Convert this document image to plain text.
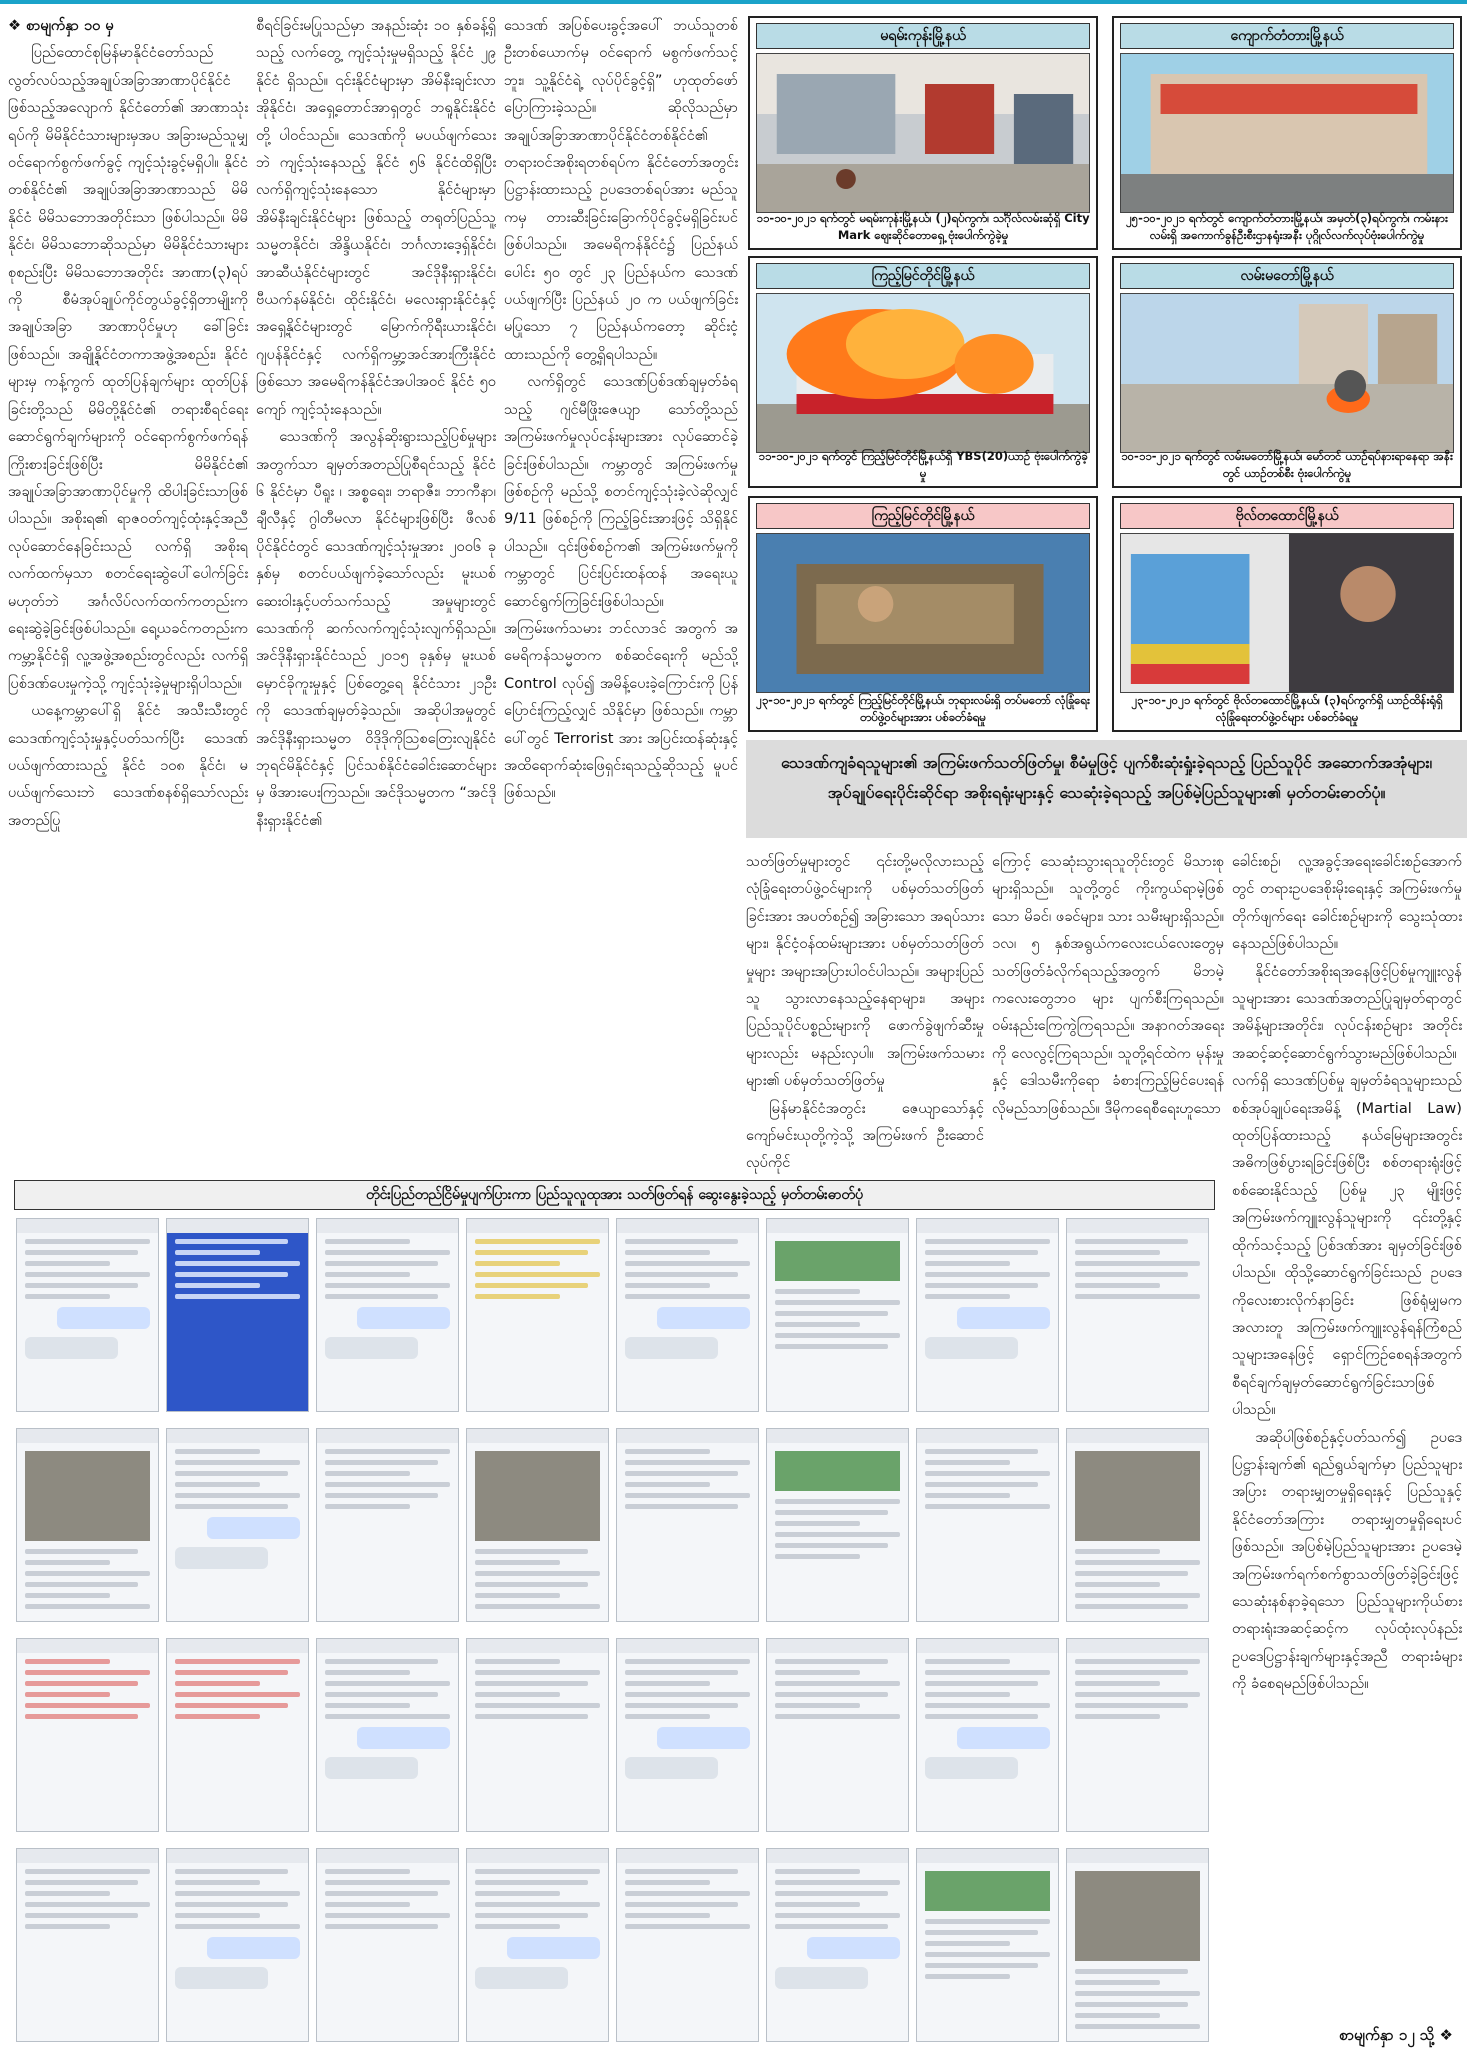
❖ စာမျက်နှာ ၁၀ မှ

ပြည်ထောင်စုမြန်မာနိုင်ငံတော်သည် လွတ်လပ်သည့်အချုပ်အခြာအာဏာပိုင်နိုင်ငံ ဖြစ်သည့်အလျောက် နိုင်ငံတော်၏ အာဏာသုံးရပ်ကို မိမိနိုင်ငံသားများမှအပ အခြားမည်သူမျှ ဝင်ရောက်စွက်ဖက်ခွင့် ကျင့်သုံးခွင့်မရှိပါ။ နိုင်ငံတစ်နိုင်ငံ၏ အချုပ်အခြာအာဏာသည် မိမိနိုင်ငံ မိမိသဘောအတိုင်းသာ ဖြစ်ပါသည်။ မိမိနိုင်ငံ၊ မိမိသဘောဆိုသည်မှာ မိမိနိုင်ငံသားများ စုစည်းပြီး မိမိသဘောအတိုင်း အာဏာ(၃)ရပ်ကို စီမံအုပ်ချုပ်ကိုင်တွယ်ခွင့်ရှိတာမျိုးကို အချုပ်အခြာ အာဏာပိုင်မှုဟု ခေါ်ခြင်းဖြစ်သည်။ အချို့နိုင်ငံတကာအဖွဲ့အစည်း၊ နိုင်ငံများမှ ကန့်ကွက် ထုတ်ပြန်ချက်များ ထုတ်ပြန်ခြင်းတို့သည် မိမိတို့နိုင်ငံ၏ တရားစီရင်ရေးဆောင်ရွက်ချက်များကို ဝင်ရောက်စွက်ဖက်ရန် ကြိုးစားခြင်းဖြစ်ပြီး မိမိနိုင်ငံ၏ အချုပ်အခြာအာဏာပိုင်မှုကို ထိပါးခြင်းသာဖြစ်ပါသည်။ အစိုးရ၏ ရာဇဝတ်ကျင့်ထုံးနှင့်အညီ လုပ်ဆောင်နေခြင်းသည် လက်ရှိ အစိုးရလက်ထက်မှသာ စတင်ရေးဆွဲပေါ်ပေါက်ခြင်းမဟုတ်ဘဲ အင်္ဂလိပ်လက်ထက်ကတည်းက ရေးဆွဲခဲ့ခြင်းဖြစ်ပါသည်။ ရေ့ယခင်ကတည်းက ကမ္ဘာ့နိုင်ငံရှိ လူ့အဖွဲ့အစည်းတွင်လည်း လက်ရှိ ပြစ်ဒဏ်ပေးမှုကဲ့သို့ ကျင့်သုံးခဲ့မှုများရှိပါသည်။

ယနေ့ကမ္ဘာပေါ်ရှိ နိုင်ငံ အသီးသီးတွင် သေဒဏ်ကျင့်သုံးမှုနှင့်ပတ်သက်ပြီး သေဒဏ်ပယ်ဖျက်ထားသည့် နိုင်ငံ ၁၀၈ နိုင်ငံ၊ မပယ်ဖျက်သေးဘဲ သေဒဏ်စနစ်ရှိသော်လည်း အတည်ပြု

စီရင်ခြင်းမပြုသည်မှာ အနည်းဆုံး ၁၀ နှစ်ခန့်ရှိသည့် လက်တွေ့ ကျင့်သုံးမှုမရှိသည့် နိုင်ငံ ၂၉ နိုင်ငံ ရှိသည်။ ၎င်းနိုင်ငံများမှာ အိမ်နီးချင်းလာအိုနိုင်ငံ၊ အရှေ့တောင်အာရှတွင် ဘရူနိုင်းနိုင်ငံတို့ ပါဝင်သည်။ သေဒဏ်ကို မပယ်ဖျက်သေးဘဲ ကျင့်သုံးနေသည့် နိုင်ငံ ၅၆ နိုင်ငံထိရှိပြီး လက်ရှိကျင့်သုံးနေသော နိုင်ငံများမှာ အိမ်နီးချင်းနိုင်ငံများ ဖြစ်သည့် တရုတ်ပြည်သူ့သမ္မတနိုင်ငံ၊ အိန္ဒိယနိုင်ငံ၊ ဘင်္ဂလားဒေ့ရှ်နိုင်ငံ၊ အာဆီယံနိုင်ငံများတွင် အင်ဒိုနီးရှားနိုင်ငံ၊ ဗီယက်နမ်နိုင်ငံ၊ ထိုင်းနိုင်ငံ၊ မလေးရှားနိုင်ငံနှင့်အရှေ့နိုင်ငံများတွင် မြောက်ကိုရီးယားနိုင်ငံ၊ ဂျပန်နိုင်ငံနှင့် လက်ရှိကမ္ဘာ့အင်အားကြီးနိုင်ငံဖြစ်သော အမေရိကန်နိုင်ငံအပါအဝင် နိုင်ငံ ၅၀ ကျော် ကျင့်သုံးနေသည်။

သေဒဏ်ကို အလွန်ဆိုးရွားသည့်ပြစ်မှုများအတွက်သာ ချမှတ်အတည်ပြုစီရင်သည့် နိုင်ငံ ၆ နိုင်ငံမှာ ပီရူး ၊ အစ္စရေး၊ ဘရာဇီး၊ ဘာကီနာ၊ ချီလီနှင့် ဂွါတီမလာ နိုင်ငံများဖြစ်ပြီး ဖီလစ်ပိုင်နိုင်ငံတွင် သေဒဏ်ကျင့်သုံးမှုအား ၂၀၀၆ ခုနှစ်မှ စတင်ပယ်ဖျက်ခဲ့သော်လည်း မူးယစ်ဆေးဝါးနှင့်ပတ်သက်သည့် အမှုများတွင် သေဒဏ်ကို ဆက်လက်ကျင့်သုံးလျက်ရှိသည်။ အင်ဒိုနီးရှားနိုင်ငံသည် ၂၀၁၅ ခုနှစ်မှ မူးယစ်မှောင်ခိုကူးမှုနှင့် ပြစ်တွေ့ရေ နိုင်ငံသား ၂၁ဦးကို သေဒဏ်ချမှတ်ခဲ့သည်။ အဆိုပါအမှုတွင် အင်ဒိုနီးရှားသမ္မတ ဝိဒိုဒိုကိုသြစတြေးလျနိုင်ငံဘုရင်မိနိုင်ငံနှင့် ပြင်သစ်နိုင်ငံခေါင်းဆောင်များမှ ဖိအားပေးကြသည်။ အင်ဒိုသမ္မတက “အင်ဒိုနီးရှားနိုင်ငံ၏

သေဒဏ် အပြစ်ပေးခွင့်အပေါ် ဘယ်သူတစ်ဦးတစ်ယောက်မှ ဝင်ရောက် မစွက်ဖက်သင့်ဘူး၊ သူ့နိုင်ငံရဲ့ လုပ်ပိုင်ခွင့်ရှိ” ဟုထုတ်ဖော်ပြောကြားခဲ့သည်။ ဆိုလိုသည်မှာ အချုပ်အခြာအာဏာပိုင်နိုင်ငံတစ်နိုင်ငံ၏ တရားဝင်အစိုးရတစ်ရပ်က နိုင်ငံတော်အတွင်း ပြဋ္ဌာန်းထားသည့် ဥပဒေတစ်ရပ်အား မည်သူကမှ တားဆီးခြင်းခြောက်ပိုင်ခွင့်မရှိခြင်းပင် ဖြစ်ပါသည်။ အမေရိကန်နိုင်ငံ၌ ပြည်နယ်ပေါင်း ၅၀ တွင် ၂၃ ပြည်နယ်က သေဒဏ်ပယ်ဖျက်ပြီး ပြည်နယ် ၂၀ က ပယ်ဖျက်ခြင်းမပြုသော ၇ ပြည်နယ်ကတော့ ဆိုင်းငံ့ထားသည်ကို တွေ့ရှိရပါသည်။

လက်ရှိတွင် သေဒဏ်ပြစ်ဒဏ်ချမှတ်ခံရသည့် ဂျင်မီဖြိုးဇေယျာ သော်တို့သည် အကြမ်းဖက်မှုလုပ်ငန်းများအား လုပ်ဆောင်ခဲ့ခြင်းဖြစ်ပါသည်။ ကမ္ဘာတွင် အကြမ်းဖက်မှုဖြစ်စဉ်ကို မည်သို့ စတင်ကျင့်သုံးခဲ့လဲဆိုလျှင် 9/11 ဖြစ်စဉ်ကို ကြည့်ခြင်းအားဖြင့် သိရှိနိုင်ပါသည်။ ၎င်းဖြစ်စဉ်က၏ အကြမ်းဖက်မှုကို ကမ္ဘာတွင် ပြင်းပြင်းထန်ထန် အရေးယူဆောင်ရွက်ကြခြင်းဖြစ်ပါသည်။ အကြမ်းဖက်သမား ဘင်လာဒင် အတွက် အမေရိကန်သမ္မတက စစ်ဆင်ရေးကို မည်သို့ Control လုပ်၍ အမိန့်ပေးခဲ့ကြောင်းကို ပြန်ပြောင်းကြည့်လျှင် သိနိုင်မှာ ဖြစ်သည်။ ကမ္ဘာပေါ်တွင် Terrorist အား အပြင်းထန်ဆုံးနှင့် အထိရောက်ဆုံးဖြေရှင်းရသည့်ဆိုသည့် မူပင်ဖြစ်သည်။

မရမ်းကုန်းမြို့နယ်
၁၁-၁၀-၂၀၂၁ ရက်တွင် မရမ်းကုန်းမြို့နယ်၊ (၂)ရပ်ကွက်၊ သင်္ဂိုလ်လမ်းဆုံရှိ City Mark ဈေးဆိုင်တောရှေ့ ဗုံးပေါက်ကွဲခဲ့မှု
ကျောက်တံတားမြို့နယ်
၂၅-၁၀-၂၀၂၁ ရက်တွင် ကျောက်တံတားမြို့နယ်၊ အမှတ်(၃)ရပ်ကွက်၊ ကမ်းနားလမ်းရှိ အကောက်ခွန်ဦးစီးဌာနရုံးအနီး ပုဂ္ဂိုလ်လက်လုပ်ဗုံးပေါက်ကွဲမှု
ကြည့်မြင်တိုင်မြို့နယ်
၁၁-၁၀-၂၀၂၁ ရက်တွင် ကြည့်မြင်တိုင်မြို့နယ်ရှိ YBS(20)ယာဉ် ဗုံးပေါက်ကွဲခဲ့မှု
လမ်းမတော်မြို့နယ်
၁၀-၁၁-၂၀၂၁ ရက်တွင် လမ်းမတော်မြို့နယ်၊ မော်တင် ယာဉ်ရပ်နားရာနေရာ အနီးတွင် ယာဉ်တစ်စီး ဗုံးပေါက်ကွဲမှု
ကြည့်မြင်တိုင်မြို့နယ်
၂၃-၁၀-၂၀၂၁ ရက်တွင် ကြည့်မြင်တိုင်မြို့နယ်၊ ဘုရားလမ်းရှိ တပ်မတော် လုံခြုံရေးတပ်ဖွဲ့ဝင်များအား ပစ်ခတ်ခံရမှု
ဗိုလ်တထောင်မြို့နယ်
၂၃-၁၀-၂၀၂၁ ရက်တွင် ဗိုလ်တထောင်မြို့နယ်၊ (၃)ရပ်ကွက်ရှိ ယာဉ်ထိန်းရုံရှိ လုံခြုံရေးတပ်ဖွဲ့ဝင်များ ပစ်ခတ်ခံရမှု
သေဒဏ်ကျခံရသူများ၏ အကြမ်းဖက်သတ်ဖြတ်မှု၊ စီမံမှုဖြင့် ပျက်စီးဆုံးရှုံးခဲ့ရသည့် ပြည်သူပိုင် အဆောက်အအုံများ၊ အုပ်ချုပ်ရေးပိုင်းဆိုင်ရာ အစိုးရရုံးများနှင့် သေဆုံးခဲ့ရသည့် အပြစ်မဲ့ပြည်သူများ၏ မှတ်တမ်းဓာတ်ပုံ။

သတ်ဖြတ်မှုများတွင် ၎င်းတို့မလိုလားသည့် လုံခြုံရေးတပ်ဖွဲ့ဝင်များကို ပစ်မှတ်သတ်ဖြတ်ခြင်းအား အပတ်စဉ်၍ အခြားသော အရပ်သားများ၊ နိုင်ငံ့ဝန်ထမ်းများအား ပစ်မှတ်သတ်ဖြတ်မှုများ အများအပြားပါဝင်ပါသည်။ အများပြည်သူ သွားလာနေသည့်နေရာများ၊ အများပြည်သူပိုင်ပစ္စည်းများကို ဖောက်ခွဲဖျက်ဆီးမှုများလည်း မနည်းလှပါ။ အကြမ်းဖက်သမားများ၏ ပစ်မှတ်သတ်ဖြတ်မှု

မြန်မာနိုင်ငံအတွင်း ဇေယျာသော်နှင့် ကျော်မင်းယုတို့ကဲ့သို့ အကြမ်းဖက် ဦးဆောင်လုပ်ကိုင်

ကြောင့် သေဆုံးသွားရသူတိုင်းတွင် မိသားစုများရှိသည်။ သူတို့တွင် ကိုးကွယ်ရာမဲ့ဖြစ်သော မိခင်၊ ဖခင်များ၊ သား သမီးများရှိသည်။ ၁လ၊ ၅ နှစ်အရွယ်ကလေးငယ်လေးတွေမှ သတ်ဖြတ်ခံလိုက်ရသည့်အတွက် မိဘမဲ့ကလေးတွေဘဝ များ ပျက်စီးကြရသည်။ ဝမ်းနည်းကြေကွဲကြရသည်။ အနာဂတ်အရေးကို လေလွင့်ကြရသည်။ သူတို့ရင်ထဲက မုန်းမှုနှင့် ဒေါသမီးကိုရော ခံစားကြည့်မြင်ပေးရန် လိုမည်သာဖြစ်သည်။ ဒီမိုကရေစီရေးဟူသော

ခေါင်းစဉ်၊ လူ့အခွင့်အရေးခေါင်းစဉ်အောက်တွင် တရားဥပဒေစိုးမိုးရေးနှင့် အကြမ်းဖက်မှုတိုက်ဖျက်ရေး ခေါင်းစဉ်များကို သွေးသုံထား နေသည်ဖြစ်ပါသည်။

နိုင်ငံတော်အစိုးရအနေဖြင့်ပြစ်မှုကျူးလွန်သူများအား သေဒဏ်အတည်ပြုချမှတ်ရာတွင် အမိန့်များအတိုင်း၊ လုပ်ငန်းစဉ်များ အတိုင်း အဆင့်ဆင့်ဆောင်ရွက်သွားမည်ဖြစ်ပါသည်။ လက်ရှိ သေဒဏ်ပြစ်မှု ချမှတ်ခံရသူများသည် စစ်အုပ်ချုပ်ရေးအမိန့် (Martial Law) ထုတ်ပြန်ထားသည့် နယ်မြေများအတွင်း အဓိကဖြစ်ပွားရခြင်းဖြစ်ပြီး စစ်တရားရုံးဖြင့် စစ်ဆေးနိုင်သည့် ပြစ်မှု ၂၃ မျိုးဖြင့် အကြမ်းဖက်ကျူးလွန်သူများကို ၎င်းတို့နှင့်ထိုက်သင့်သည့် ပြစ်ဒဏ်အား ချမှတ်ခြင်းဖြစ်ပါသည်။ ထိုသို့ဆောင်ရွက်ခြင်းသည် ဥပဒေကိုလေးစားလိုက်နာခြင်း ဖြစ်ရုံမျှမက အလားတူ အကြမ်းဖက်ကျူးလွန်ရန်ကြံစည်သူများအနေဖြင့် ရှောင်ကြဉ်စေရန်အတွက် စီရင်ချက်ချမှတ်ဆောင်ရွက်ခြင်းသာဖြစ်ပါသည်။

အဆိုပါဖြစ်စဉ်နှင့်ပတ်သက်၍ ဥပဒေပြဋ္ဌာန်းချက်၏ ရည်ရွယ်ချက်မှာ ပြည်သူများအပြား တရားမျှတမှုရှိရေးနှင့် ပြည်သူနှင့် နိုင်ငံတော်အကြား တရားမျှတမှုရှိရေးပင်ဖြစ်သည်။ အပြစ်မဲ့ပြည်သူများအား ဥပဒေမဲ့ အကြမ်းဖက်ရက်စက်စွာသတ်ဖြတ်ခဲ့ခြင်းဖြင့် သေဆုံးနစ်နာခဲ့ရသော ပြည်သူများကိုယ်စား တရားရုံးအဆင့်ဆင့်က လုပ်ထုံးလုပ်နည်း ဥပဒေပြဋ္ဌာန်းချက်များနှင့်အညီ တရားခံများကို ခံစေရမည်ဖြစ်ပါသည်။

တိုင်းပြည်တည်ငြိမ်မှုပျက်ပြားကာ ပြည်သူလူထုအား သတ်ဖြတ်ရန် ဆွေးနွေးခဲ့သည့် မှတ်တမ်းဓာတ်ပုံ
စာမျက်နှာ ၁၂ သို့ ❖
